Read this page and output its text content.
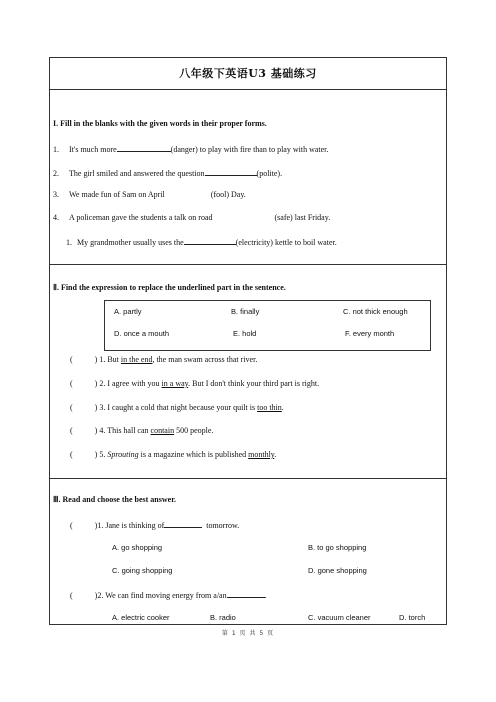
八年级下英语U3 基础练习
I. Fill in the blanks with the given words in their proper forms.
1. It's much more	(danger) to play with fire than to play with water.
2. The girl smiled and answered the question	(polite).
3. We made fun of Sam on April	(fool) Day.
4. A policeman gave the students a talk on road	(safe) last Friday.
1. My grandmother usually uses the	(electricity) kettle to boil water.
Ⅱ. Find the expression to replace the underlined part in the sentence.
A. partly	B. finally	C. not thick enough
D. once a mouth	E. hold	F. every month
(	) 1. But in the end, the man swam across that river.
(	) 2. I agree with you in a way. But I don't think your third part is right.
(	) 3. I caught a cold that night because your quilt is too thin.
(	) 4. This hall can contain 500 people.
(	) 5. Sprouting is a magazine which is published monthly.
Ⅲ. Read and choose the best answer.
(	)1. Jane is thinking of	tomorrow.
A. go shopping	B. to go shopping
C. going shopping	D. gone shopping
(	)2. We can find moving energy from a/an	.
A. electric cooker	B. radio	C. vacuum cleaner	D. torch
第 1 页 共 5 页
